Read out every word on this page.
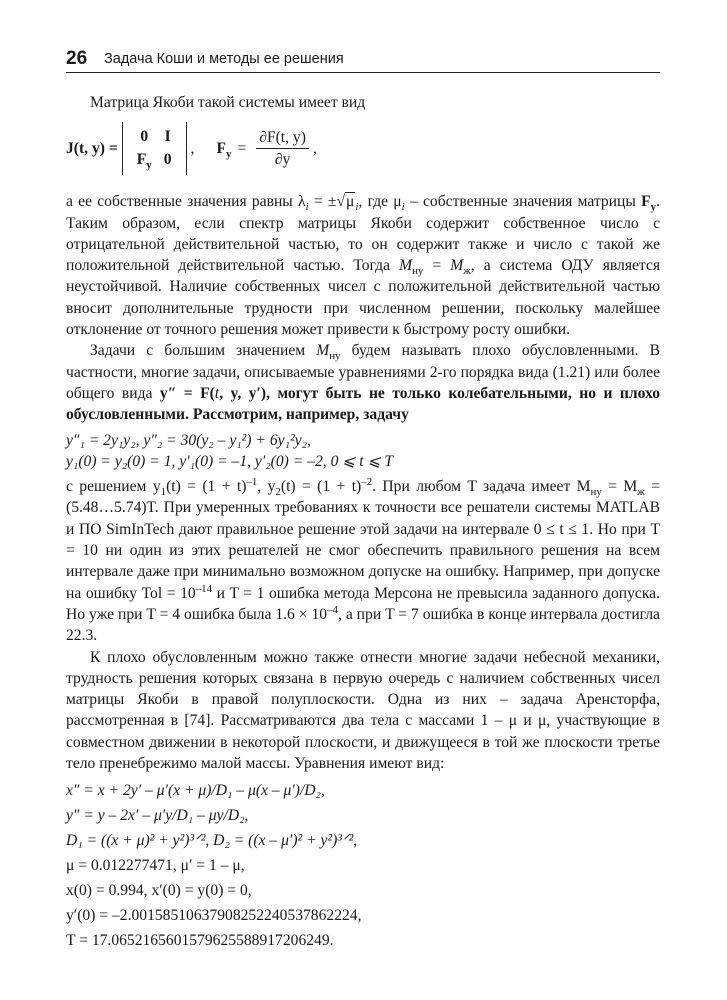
26 Задача Коши и методы ее решения

Матрица Якоби такой системы имеет вид

J(t, y) =
0	I
$F_y$	0
, $F_y = \frac{\partial F(t, y)}{\partial y}$ ,

а ее собственные значения равны $\lambda_i = \pm√\mu_i$, где $\mu_i$ – собственные значения матрицы $F_y$. Таким образом, если спектр матрицы Якоби содержит собственное число с отрицательной действительной частью, то он содержит также и число с такой же положительной действительной частью. Тогда $M_{ну} = M_ж$, а система ОДУ является неустойчивой. Наличие собственных чисел с положительной действительной частью вносит дополнительные трудности при численном решении, поскольку малейшее отклонение от точного решения может привести к быстрому росту ошибки.

Задачи с большим значением $M_{ну}$ будем называть плохо обусловленными. В частности, многие задачи, описываемые уравнениями 2-го порядка вида (1.21) или более общего вида y″ = F(t, y, y′), могут быть не только колебательными, но и плохо обусловленными. Рассмотрим, например, задачу

y″₁ = 2y₁y₂, y″₂ = 30(y₂ – y₁²) + 6y₁²y₂,
y₁(0) = y₂(0) = 1, y′₁(0) = –1, y′₂(0) = –2, 0 ⩽ t ⩽ T

с решением $y_1(t) = (1 + t)^{-1}$, $y_2(t) = (1 + t)^{-2}$. При любом T задача имеет $M_{ну} = M_ж$ = (5.48…5.74)T. При умеренных требованиях к точности все решатели системы MATLAB и ПО SimInTech дают правильное решение этой задачи на интервале 0 ≤ t ≤ 1. Но при T = 10 ни один из этих решателей не смог обеспечить правильного решения на всем интервале даже при минимально возможном допуске на ошибку. Например, при допуске на ошибку Tol = $10^{-14}$ и T = 1 ошибка метода Мерсона не превысила заданного допуска. Но уже при T = 4 ошибка была $1.6 \times 10^{-4}$, а при T = 7 ошибка в конце интервала достигла 22.3.

К плохо обусловленным можно также отнести многие задачи небесной механики, трудность решения которых связана в первую очередь с наличием собственных чисел матрицы Якоби в правой полуплоскости. Одна из них – задача Аренсторфа, рассмотренная в [74]. Рассматриваются два тела с массами 1 – μ и μ, участвующие в совместном движении в некоторой плоскости, и движущееся в той же плоскости третье тело пренебрежимо малой массы. Уравнения имеют вид:

x″ = x + 2y′ – μ′(x + μ)/D₁ – μ(x – μ′)/D₂,
y″ = y – 2x′ – μ′y/D₁ – μy/D₂,
D₁ = ((x + μ)² + y²)³ᐟ², D₂ = ((x – μ′)² + y²)³ᐟ²,
μ = 0.012277471, μ′ = 1 – μ,
x(0) = 0.994, x′(0) = y(0) = 0,
y′(0) = –2.00158510637908252240537862224,
T = 17.0652165601579625588917206249.
